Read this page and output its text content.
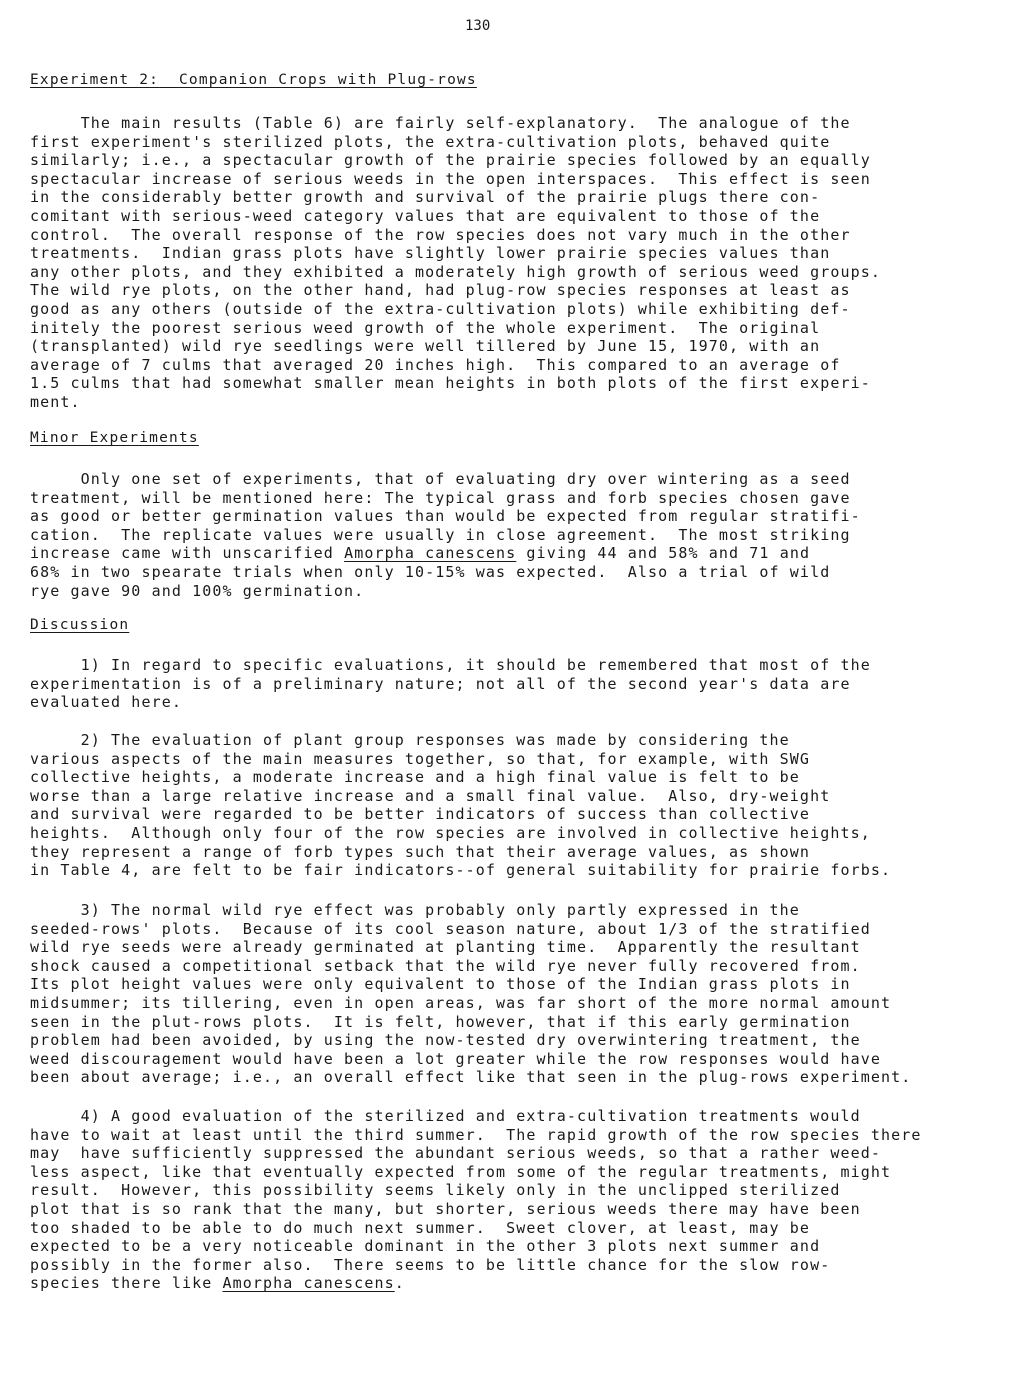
130
Experiment 2: Companion Crops with Plug-rows

The main results (Table 6) are fairly self-explanatory.  The analogue of the
first experiment's sterilized plots, the extra-cultivation plots, behaved quite
similarly; i.e., a spectacular growth of the prairie species followed by an equally
spectacular increase of serious weeds in the open interspaces.  This effect is seen
in the considerably better growth and survival of the prairie plugs there con-
comitant with serious-weed category values that are equivalent to those of the
control.  The overall response of the row species does not vary much in the other
treatments.  Indian grass plots have slightly lower prairie species values than
any other plots, and they exhibited a moderately high growth of serious weed groups.
The wild rye plots, on the other hand, had plug-row species responses at least as
good as any others (outside of the extra-cultivation plots) while exhibiting def-
initely the poorest serious weed growth of the whole experiment.  The original
(transplanted) wild rye seedlings were well tillered by June 15, 1970, with an
average of 7 culms that averaged 20 inches high.  This compared to an average of
1.5 culms that had somewhat smaller mean heights in both plots of the first experi-
ment.

Minor Experiments

Only one set of experiments, that of evaluating dry over wintering as a seed
treatment, will be mentioned here: The typical grass and forb species chosen gave
as good or better germination values than would be expected from regular stratifi-
cation.  The replicate values were usually in close agreement.  The most striking
increase came with unscarified Amorpha canescens giving 44 and 58% and 71 and
68% in two spearate trials when only 10-15% was expected.  Also a trial of wild
rye gave 90 and 100% germination.

Discussion

1) In regard to specific evaluations, it should be remembered that most of the
experimentation is of a preliminary nature; not all of the second year's data are
evaluated here.

2) The evaluation of plant group responses was made by considering the
various aspects of the main measures together, so that, for example, with SWG
collective heights, a moderate increase and a high final value is felt to be
worse than a large relative increase and a small final value.  Also, dry-weight
and survival were regarded to be better indicators of success than collective
heights.  Although only four of the row species are involved in collective heights,
they represent a range of forb types such that their average values, as shown
in Table 4, are felt to be fair indicators--of general suitability for prairie forbs.

3) The normal wild rye effect was probably only partly expressed in the
seeded-rows' plots.  Because of its cool season nature, about 1/3 of the stratified
wild rye seeds were already germinated at planting time.  Apparently the resultant
shock caused a competitional setback that the wild rye never fully recovered from.
Its plot height values were only equivalent to those of the Indian grass plots in
midsummer; its tillering, even in open areas, was far short of the more normal amount
seen in the plut-rows plots.  It is felt, however, that if this early germination
problem had been avoided, by using the now-tested dry overwintering treatment, the
weed discouragement would have been a lot greater while the row responses would have
been about average; i.e., an overall effect like that seen in the plug-rows experiment.

4) A good evaluation of the sterilized and extra-cultivation treatments would
have to wait at least until the third summer.  The rapid growth of the row species there
may  have sufficiently suppressed the abundant serious weeds, so that a rather weed-
less aspect, like that eventually expected from some of the regular treatments, might
result.  However, this possibility seems likely only in the unclipped sterilized
plot that is so rank that the many, but shorter, serious weeds there may have been
too shaded to be able to do much next summer.  Sweet clover, at least, may be
expected to be a very noticeable dominant in the other 3 plots next summer and
possibly in the former also.  There seems to be little chance for the slow row-
species there like Amorpha canescens.
